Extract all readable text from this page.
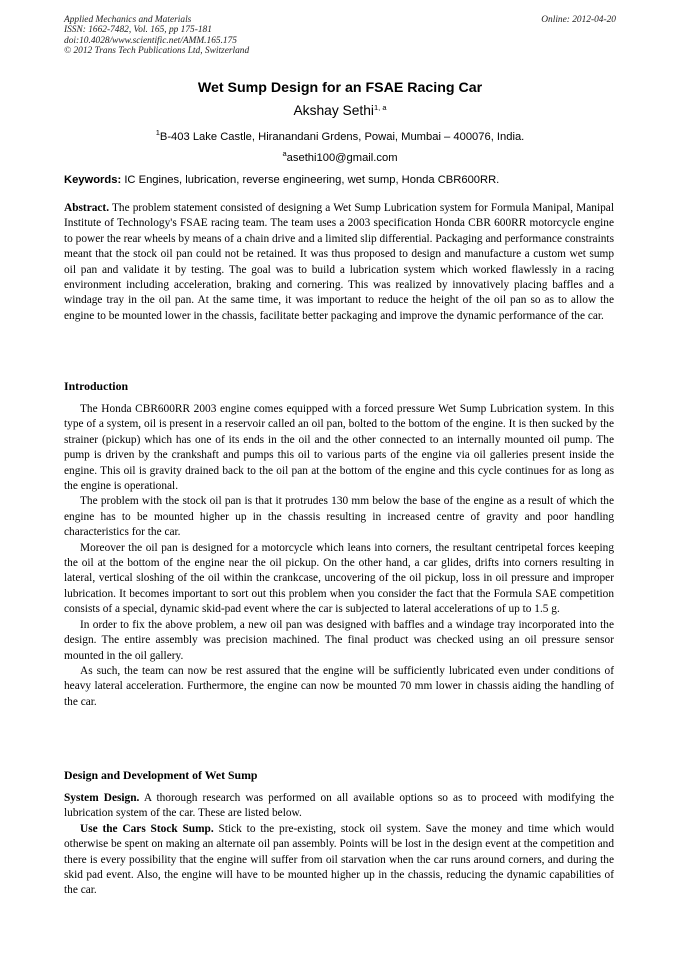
Applied Mechanics and Materials
ISSN: 1662-7482, Vol. 165, pp 175-181
doi:10.4028/www.scientific.net/AMM.165.175
© 2012 Trans Tech Publications Ltd, Switzerland
Online: 2012-04-20
Wet Sump Design for an FSAE Racing Car
Akshay Sethi$^{1, a}$
$^1$B-403 Lake Castle, Hiranandani Grdens, Powai, Mumbai – 400076, India.
$^a$asethi100@gmail.com
Keywords: IC Engines, lubrication, reverse engineering, wet sump, Honda CBR600RR.

Abstract. The problem statement consisted of designing a Wet Sump Lubrication system for Formula Manipal, Manipal Institute of Technology's FSAE racing team. The team uses a 2003 specification Honda CBR 600RR motorcycle engine to power the rear wheels by means of a chain drive and a limited slip differential. Packaging and performance constraints meant that the stock oil pan could not be retained. It was thus proposed to design and manufacture a custom wet sump oil pan and validate it by testing. The goal was to build a lubrication system which worked flawlessly in a racing environment including acceleration, braking and cornering. This was realized by innovatively placing baffles and a windage tray in the oil pan. At the same time, it was important to reduce the height of the oil pan so as to allow the engine to be mounted lower in the chassis, facilitate better packaging and improve the dynamic performance of the car.

Introduction

The Honda CBR600RR 2003 engine comes equipped with a forced pressure Wet Sump Lubrication system. In this type of a system, oil is present in a reservoir called an oil pan, bolted to the bottom of the engine. It is then sucked by the strainer (pickup) which has one of its ends in the oil and the other connected to an internally mounted oil pump. The pump is driven by the crankshaft and pumps this oil to various parts of the engine via oil galleries present inside the engine. This oil is gravity drained back to the oil pan at the bottom of the engine and this cycle continues for as long as the engine is operational.

The problem with the stock oil pan is that it protrudes 130 mm below the base of the engine as a result of which the engine has to be mounted higher up in the chassis resulting in increased centre of gravity and poor handling characteristics for the car.

Moreover the oil pan is designed for a motorcycle which leans into corners, the resultant centripetal forces keeping the oil at the bottom of the engine near the oil pickup. On the other hand, a car glides, drifts into corners resulting in lateral, vertical sloshing of the oil within the crankcase, uncovering of the oil pickup, loss in oil pressure and improper lubrication. It becomes important to sort out this problem when you consider the fact that the Formula SAE competition consists of a special, dynamic skid-pad event where the car is subjected to lateral accelerations of up to 1.5 g.

In order to fix the above problem, a new oil pan was designed with baffles and a windage tray incorporated into the design. The entire assembly was precision machined. The final product was checked using an oil pressure sensor mounted in the oil gallery.

As such, the team can now be rest assured that the engine will be sufficiently lubricated even under conditions of heavy lateral acceleration. Furthermore, the engine can now be mounted 70 mm lower in chassis aiding the handling of the car.

Design and Development of Wet Sump

System Design. A thorough research was performed on all available options so as to proceed with modifying the lubrication system of the car. These are listed below.

Use the Cars Stock Sump. Stick to the pre-existing, stock oil system. Save the money and time which would otherwise be spent on making an alternate oil pan assembly. Points will be lost in the design event at the competition and there is every possibility that the engine will suffer from oil starvation when the car runs around corners, and during the skid pad event. Also, the engine will have to be mounted higher up in the chassis, reducing the dynamic capabilities of the car.
